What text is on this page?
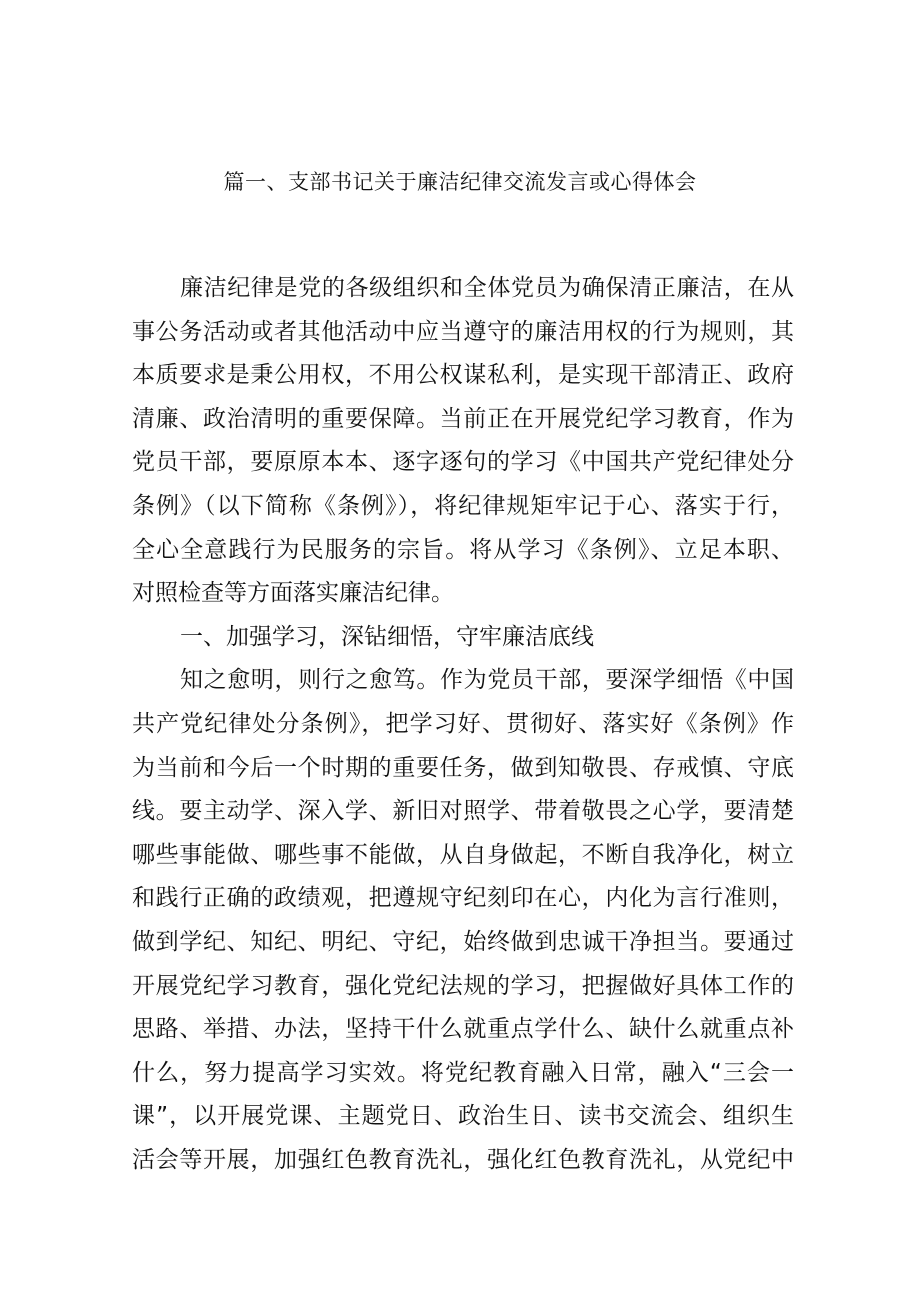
篇一、支部书记关于廉洁纪律交流发言或心得体会
廉洁纪律是党的各级组织和全体党员为确保清正廉洁，在从
事公务活动或者其他活动中应当遵守的廉洁用权的行为规则，其
本质要求是秉公用权，不用公权谋私利，是实现干部清正、政府
清廉、政治清明的重要保障。当前正在开展党纪学习教育，作为
党员干部，要原原本本、逐字逐句的学习《中国共产党纪律处分
条例》（以下简称《条例》），将纪律规矩牢记于心、落实于行，
全心全意践行为民服务的宗旨。将从学习《条例》、立足本职、
对照检查等方面落实廉洁纪律。
一、加强学习，深钻细悟，守牢廉洁底线
知之愈明，则行之愈笃。作为党员干部，要深学细悟《中国
共产党纪律处分条例》，把学习好、贯彻好、落实好《条例》作
为当前和今后一个时期的重要任务，做到知敬畏、存戒慎、守底
线。要主动学、深入学、新旧对照学、带着敬畏之心学，要清楚
哪些事能做、哪些事不能做，从自身做起，不断自我净化，树立
和践行正确的政绩观，把遵规守纪刻印在心，内化为言行准则，
做到学纪、知纪、明纪、守纪，始终做到忠诚干净担当。要通过
开展党纪学习教育，强化党纪法规的学习，把握做好具体工作的
思路、举措、办法，坚持干什么就重点学什么、缺什么就重点补
什么，努力提高学习实效。将党纪教育融入日常，融入“三会一
课”，以开展党课、主题党日、政治生日、读书交流会、组织生
活会等开展，加强红色教育洗礼，强化红色教育洗礼，从党纪中
